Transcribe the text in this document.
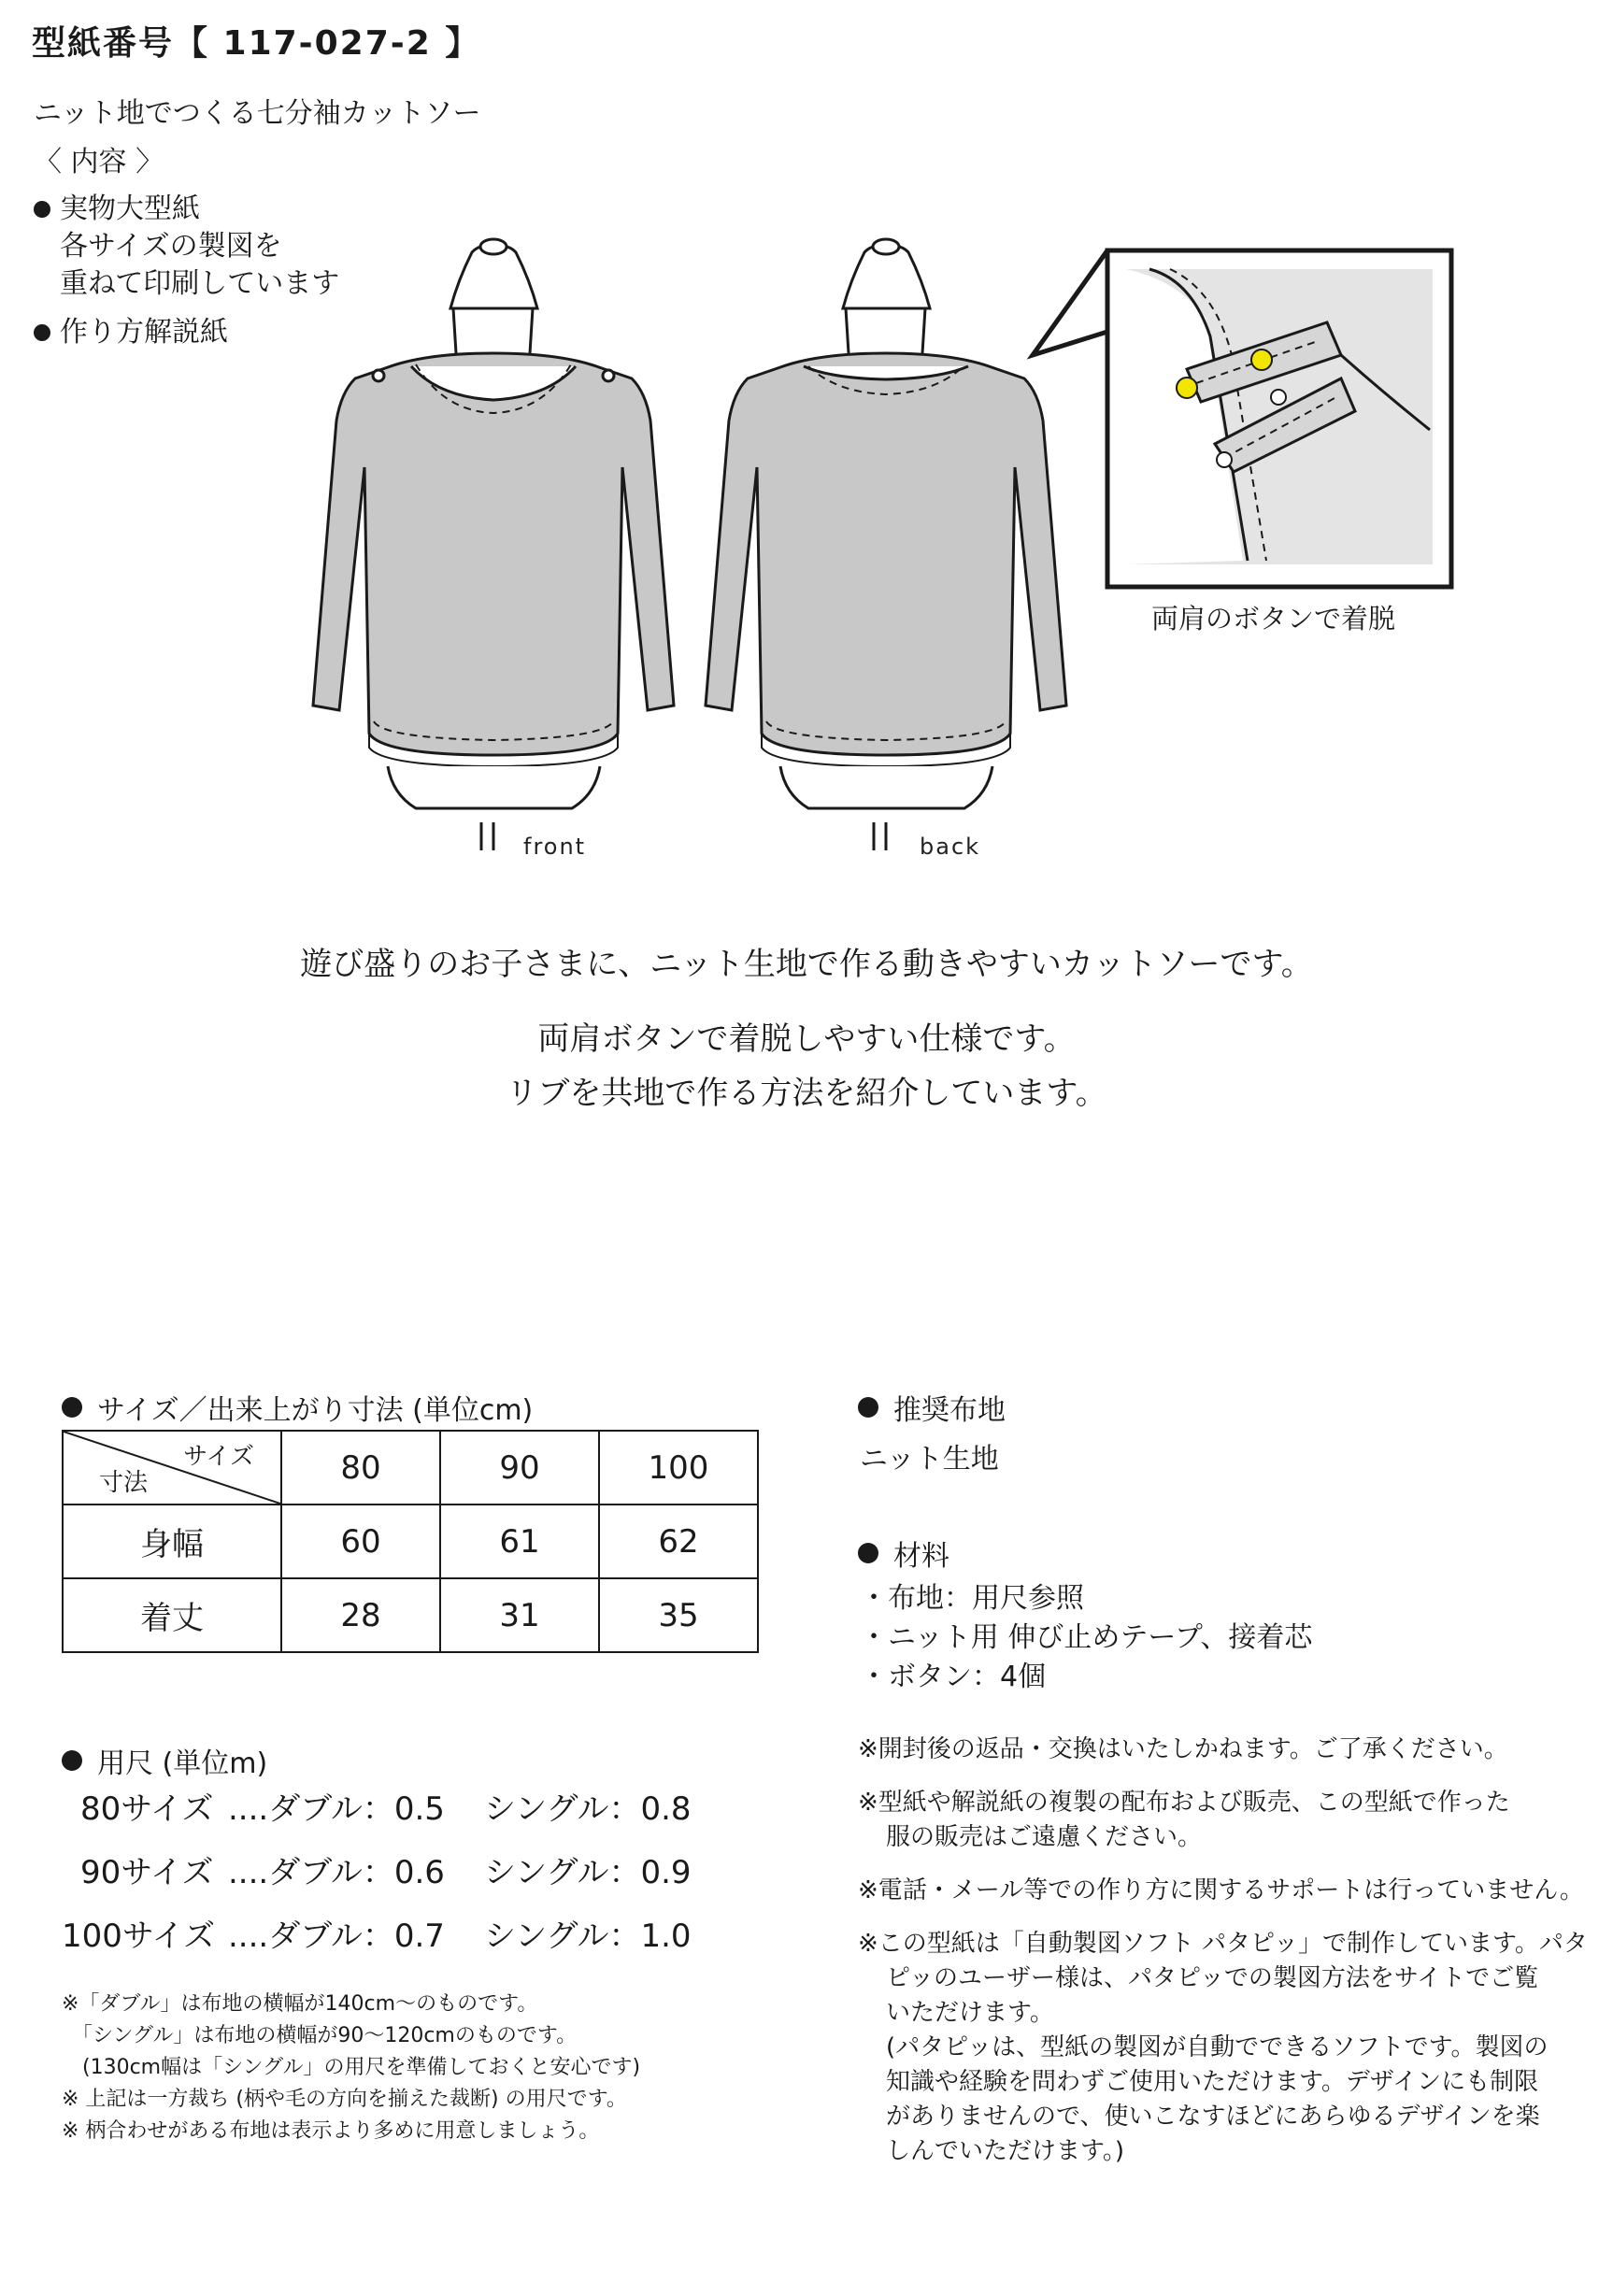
型紙番号【 117-027-2 】
ニット地でつくる七分袖カットソー
〈 内容 〉
実物大型紙
各サイズの製図を
重ねて印刷しています
作り方解説紙
両肩のボタンで着脱
front	back
遊び盛りのお子さまに、ニット生地で作る動きやすいカットソーです。
両肩ボタンで着脱しやすい仕様です。
リブを共地で作る方法を紹介しています。
サイズ／出来上がり寸法 (単位cm)
サイズ
寸法	80	90	100
身幅	60	61	62
着丈	28	31	35
用尺 (単位m)
80サイズ ....ダブル：0.5 シングル：0.8
90サイズ ....ダブル：0.6 シングル：0.9
100サイズ ....ダブル：0.7 シングル：1.0
※「ダブル」は布地の横幅が140cm～のものです。
　「シングル」は布地の横幅が90～120cmのものです。
　(130cm幅は「シングル」の用尺を準備しておくと安心です)
※ 上記は一方裁ち (柄や毛の方向を揃えた裁断) の用尺です。
※ 柄合わせがある布地は表示より多めに用意しましょう。
推奨布地
ニット生地
材料
・布地：用尺参照
・ニット用 伸び止めテープ、接着芯
・ボタン：4個
※開封後の返品・交換はいたしかねます。ご了承ください。
※型紙や解説紙の複製の配布および販売、この型紙で作った
服の販売はご遠慮ください。
※電話・メール等での作り方に関するサポートは行っていません。
※この型紙は「自動製図ソフト パタピッ」で制作しています。パタ
ピッのユーザー様は、パタピッでの製図方法をサイトでご覧
いただけます。
(パタピッは、型紙の製図が自動でできるソフトです。製図の
知識や経験を問わずご使用いただけます。デザインにも制限
がありませんので、使いこなすほどにあらゆるデザインを楽
しんでいただけます。)
